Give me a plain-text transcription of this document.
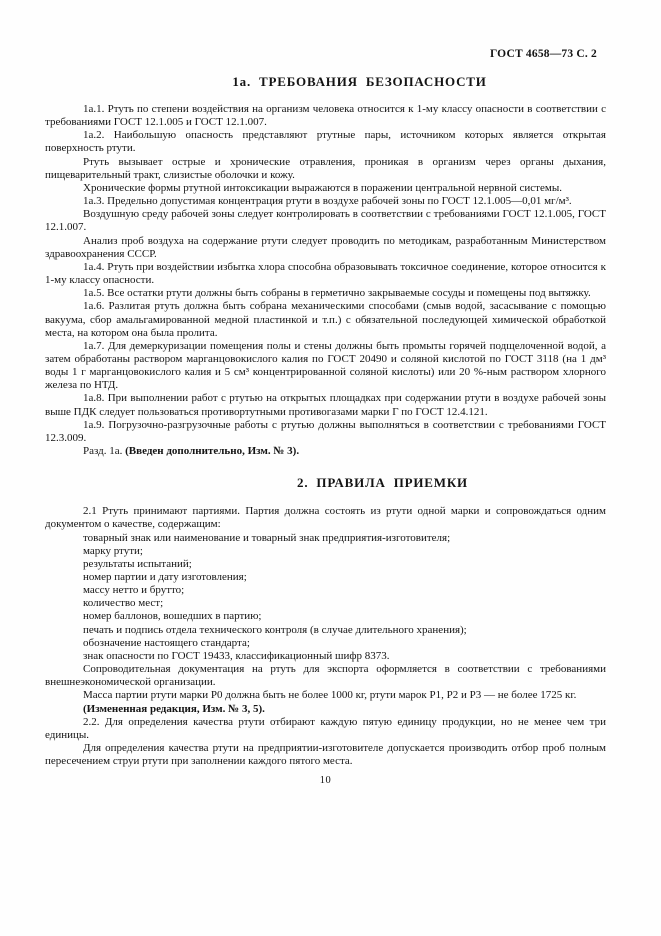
ГОСТ 4658—73 С. 2
1а. ТРЕБОВАНИЯ БЕЗОПАСНОСТИ

1а.1. Ртуть по степени воздействия на организм человека относится к 1-му классу опасности в соответствии с требованиями ГОСТ 12.1.005 и ГОСТ 12.1.007.

1а.2. Наибольшую опасность представляют ртутные пары, источником которых является открытая поверхность ртути.

Ртуть вызывает острые и хронические отравления, проникая в организм через органы дыхания, пищеварительный тракт, слизистые оболочки и кожу.

Хронические формы ртутной интоксикации выражаются в поражении центральной нервной системы.

1а.3. Предельно допустимая концентрация ртути в воздухе рабочей зоны по ГОСТ 12.1.005—0,01 мг/м³.

Воздушную среду рабочей зоны следует контролировать в соответствии с требованиями ГОСТ 12.1.005, ГОСТ 12.1.007.

Анализ проб воздуха на содержание ртути следует проводить по методикам, разработанным Министерством здравоохранения СССР.

1а.4. Ртуть при воздействии избытка хлора способна образовывать токсичное соединение, которое относится к 1-му классу опасности.

1а.5. Все остатки ртути должны быть собраны в герметично закрываемые сосуды и помещены под вытяжку.

1а.6. Разлитая ртуть должна быть собрана механическими способами (смыв водой, засасывание с помощью вакуума, сбор амальгамированной медной пластинкой и т.п.) с обязательной последующей химической обработкой места, на котором она была пролита.

1а.7. Для демеркуризации помещения полы и стены должны быть промыты горячей подщелоченной водой, а затем обработаны раствором марганцовокислого калия по ГОСТ 20490 и соляной кислотой по ГОСТ 3118 (на 1 дм³ воды 1 г марганцовокислого калия и 5 см³ концентрированной соляной кислоты) или 20 %-ным раствором хлорного железа по НТД.

1а.8. При выполнении работ с ртутью на открытых площадках при содержании ртути в воздухе рабочей зоны выше ПДК следует пользоваться противортутными противогазами марки Г по ГОСТ 12.4.121.

1а.9. Погрузочно-разгрузочные работы с ртутью должны выполняться в соответствии с требованиями ГОСТ 12.3.009.

Разд. 1а. (Введен дополнительно, Изм. № 3).

2. ПРАВИЛА ПРИЕМКИ

2.1 Ртуть принимают партиями. Партия должна состоять из ртути одной марки и сопровождаться одним документом о качестве, содержащим:

товарный знак или наименование и товарный знак предприятия-изготовителя;

марку ртути;

результаты испытаний;

номер партии и дату изготовления;

массу нетто и брутто;

количество мест;

номер баллонов, вошедших в партию;

печать и подпись отдела технического контроля (в случае длительного хранения);

обозначение настоящего стандарта;

знак опасности по ГОСТ 19433, классификационный шифр 8373.

Сопроводительная документация на ртуть для экспорта оформляется в соответствии с требованиями внешнеэкономической организации.

Масса партии ртути марки Р0 должна быть не более 1000 кг, ртути марок Р1, Р2 и Р3 — не более 1725 кг.

(Измененная редакция, Изм. № 3, 5).

2.2. Для определения качества ртути отбирают каждую пятую единицу продукции, но не менее чем три единицы.

Для определения качества ртути на предприятии-изготовителе допускается производить отбор проб полным пересечением струи ртути при заполнении каждого пятого места.

10
